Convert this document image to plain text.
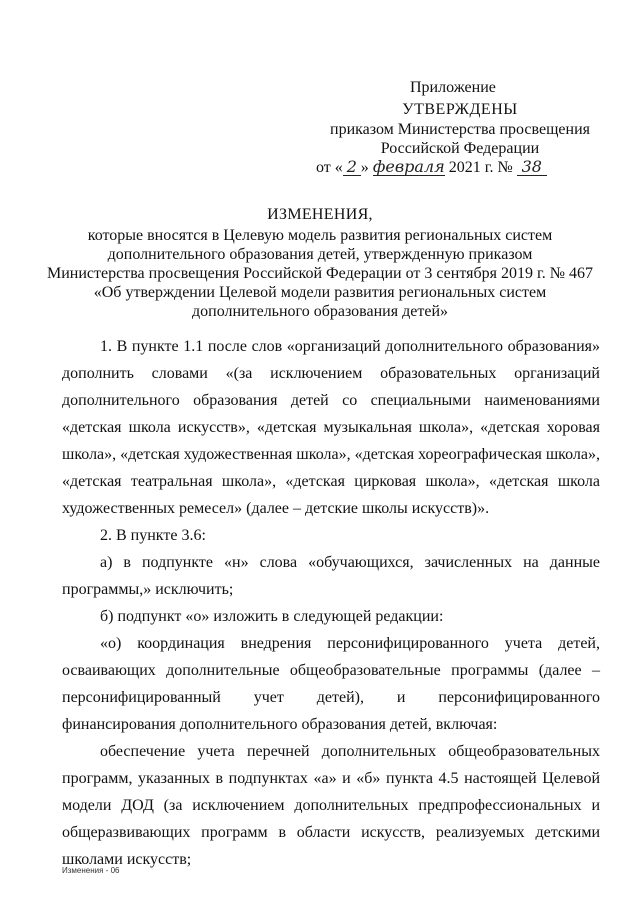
Приложение
УТВЕРЖДЕНЫ
приказом Министерства просвещения
Российской Федерации
от « 2 » февраля 2021 г. № 38
ИЗМЕНЕНИЯ,
которые вносятся в Целевую модель развития региональных систем
дополнительного образования детей, утвержденную приказом
Министерства просвещения Российской Федерации от 3 сентября 2019 г. № 467
«Об утверждении Целевой модели развития региональных систем
дополнительного образования детей»

1. В пункте 1.1 после слов «организаций дополнительного образования» дополнить словами «(за исключением образовательных организаций дополнительного образования детей со специальными наименованиями «детская школа искусств», «детская музыкальная школа», «детская хоровая школа», «детская художественная школа», «детская хореографическая школа», «детская театральная школа», «детская цирковая школа», «детская школа художественных ремесел» (далее – детские школы искусств)».

2. В пункте 3.6:

а) в подпункте «н» слова «обучающихся, зачисленных на данные программы,» исключить;

б) подпункт «о» изложить в следующей редакции:

«о) координация внедрения персонифицированного учета детей, осваивающих дополнительные общеобразовательные программы (далее – персонифицированный учет детей), и персонифицированного финансирования дополнительного образования детей, включая:

обеспечение учета перечней дополнительных общеобразовательных программ, указанных в подпунктах «а» и «б» пункта 4.5 настоящей Целевой модели ДОД (за исключением дополнительных предпрофессиональных и общеразвивающих программ в области искусств, реализуемых детскими школами искусств;

Изменения - 06
